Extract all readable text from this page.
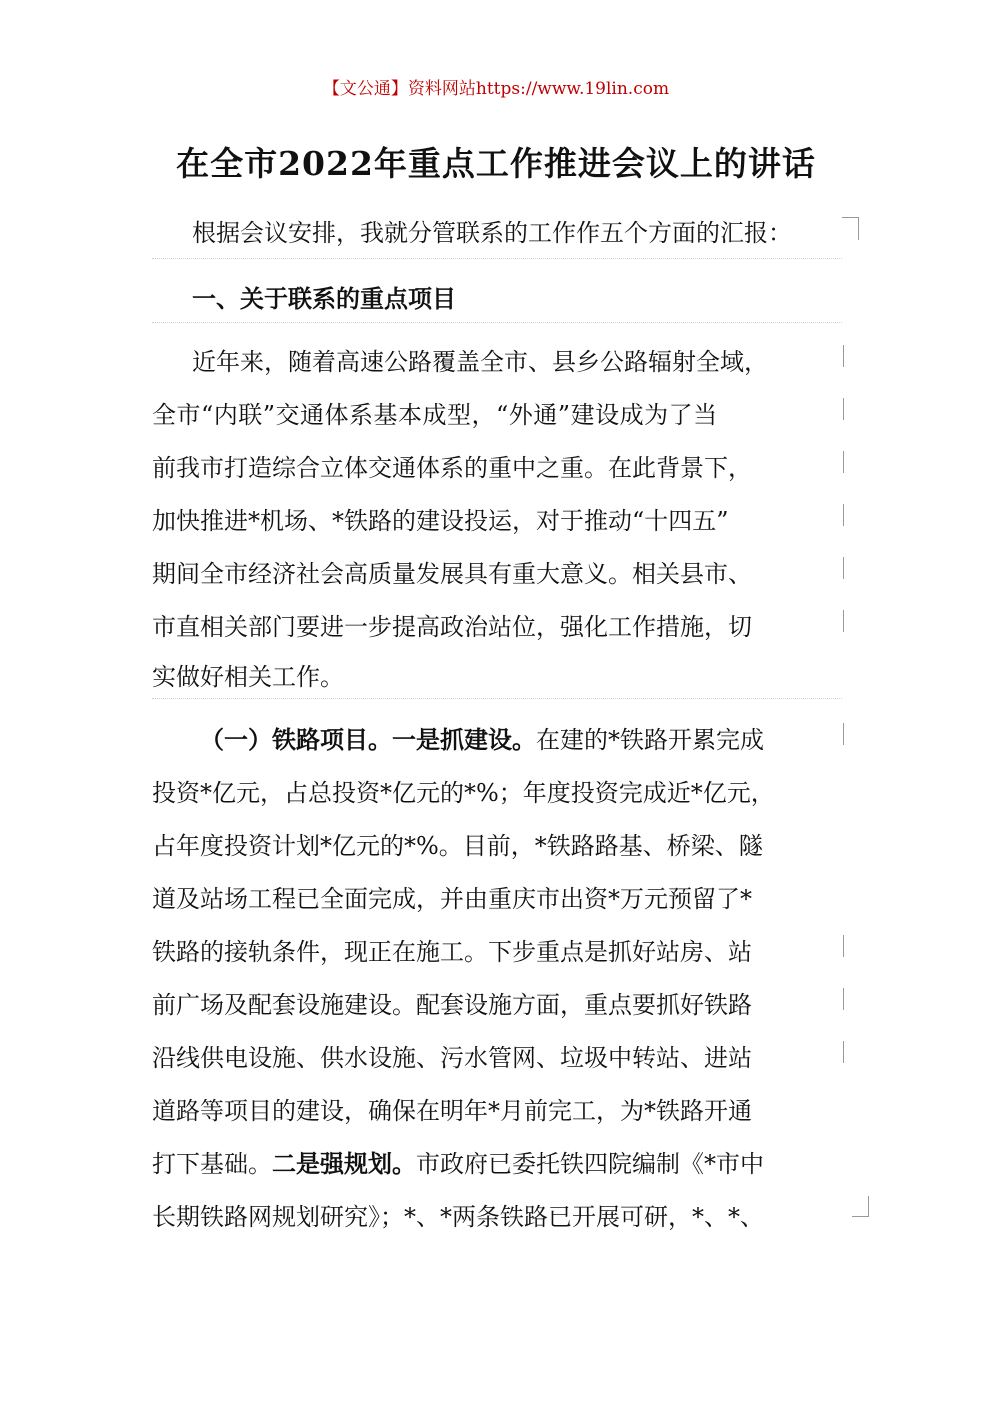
【文公通】资料网站https://www.19lin.com
在全市2022年重点工作推进会议上的讲话
根据会议安排，我就分管联系的工作作五个方面的汇报：
一、关于联系的重点项目
近年来，随着高速公路覆盖全市、县乡公路辐射全域，
全市“内联”交通体系基本成型，“外通”建设成为了当
前我市打造综合立体交通体系的重中之重。在此背景下，
加快推进*机场、*铁路的建设投运，对于推动“十四五”
期间全市经济社会高质量发展具有重大意义。相关县市、
市直相关部门要进一步提高政治站位，强化工作措施，切
实做好相关工作。
（一）铁路项目。一是抓建设。在建的*铁路开累完成
投资*亿元，占总投资*亿元的*%；年度投资完成近*亿元，
占年度投资计划*亿元的*%。目前，*铁路路基、桥梁、隧
道及站场工程已全面完成，并由重庆市出资*万元预留了*
铁路的接轨条件，现正在施工。下步重点是抓好站房、站
前广场及配套设施建设。配套设施方面，重点要抓好铁路
沿线供电设施、供水设施、污水管网、垃圾中转站、进站
道路等项目的建设，确保在明年*月前完工，为*铁路开通
打下基础。二是强规划。市政府已委托铁四院编制《*市中
长期铁路网规划研究》；*、*两条铁路已开展可研，*、*、
